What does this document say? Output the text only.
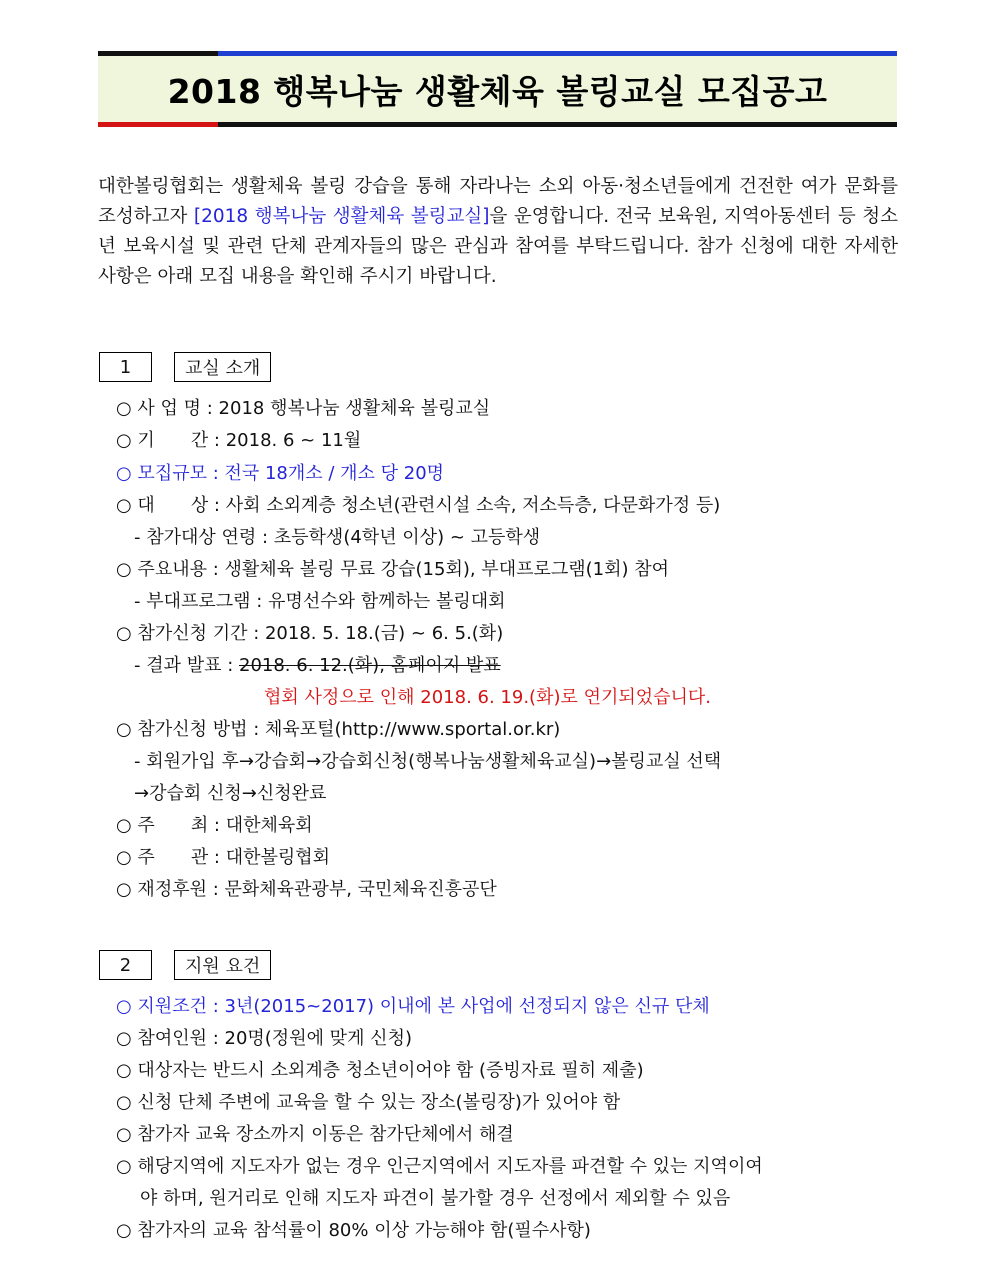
2018 행복나눔 생활체육 볼링교실 모집공고
대한볼링협회는 생활체육 볼링 강습을 통해 자라나는 소외 아동·청소년들에게 건전한 여가 문화를 조성하고자 [2018 행복나눔 생활체육 볼링교실]을 운영합니다. 전국 보육원, 지역아동센터 등 청소년 보육시설 및 관련 단체 관계자들의 많은 관심과 참여를 부탁드립니다. 참가 신청에 대한 자세한 사항은 아래 모집 내용을 확인해 주시기 바랍니다.
1	교실 소개
○ 사 업 명 : 2018 행복나눔 생활체육 볼링교실
○ 기　　간 : 2018. 6 ~ 11월
○ 모집규모 : 전국 18개소 / 개소 당 20명
○ 대　　상 : 사회 소외계층 청소년(관련시설 소속, 저소득층, 다문화가정 등)
- 참가대상 연령 : 초등학생(4학년 이상) ~ 고등학생
○ 주요내용 : 생활체육 볼링 무료 강습(15회), 부대프로그램(1회) 참여
- 부대프로그램 : 유명선수와 함께하는 볼링대회
○ 참가신청 기간 : 2018. 5. 18.(금) ~ 6. 5.(화)
- 결과 발표 : 2018. 6. 12.(화), 홈페이지 발표
협회 사정으로 인해 2018. 6. 19.(화)로 연기되었습니다.
○ 참가신청 방법 : 체육포털(http://www.sportal.or.kr)
- 회원가입 후→강습회→강습회신청(행복나눔생활체육교실)→볼링교실 선택
→강습회 신청→신청완료
○ 주　　최 : 대한체육회
○ 주　　관 : 대한볼링협회
○ 재정후원 : 문화체육관광부, 국민체육진흥공단
2	지원 요건
○ 지원조건 : 3년(2015~2017) 이내에 본 사업에 선정되지 않은 신규 단체
○ 참여인원 : 20명(정원에 맞게 신청)
○ 대상자는 반드시 소외계층 청소년이어야 함 (증빙자료 필히 제출)
○ 신청 단체 주변에 교육을 할 수 있는 장소(볼링장)가 있어야 함
○ 참가자 교육 장소까지 이동은 참가단체에서 해결
○ 해당지역에 지도자가 없는 경우 인근지역에서 지도자를 파견할 수 있는 지역이여
야 하며, 원거리로 인해 지도자 파견이 불가할 경우 선정에서 제외할 수 있음
○ 참가자의 교육 참석률이 80% 이상 가능해야 함(필수사항)
